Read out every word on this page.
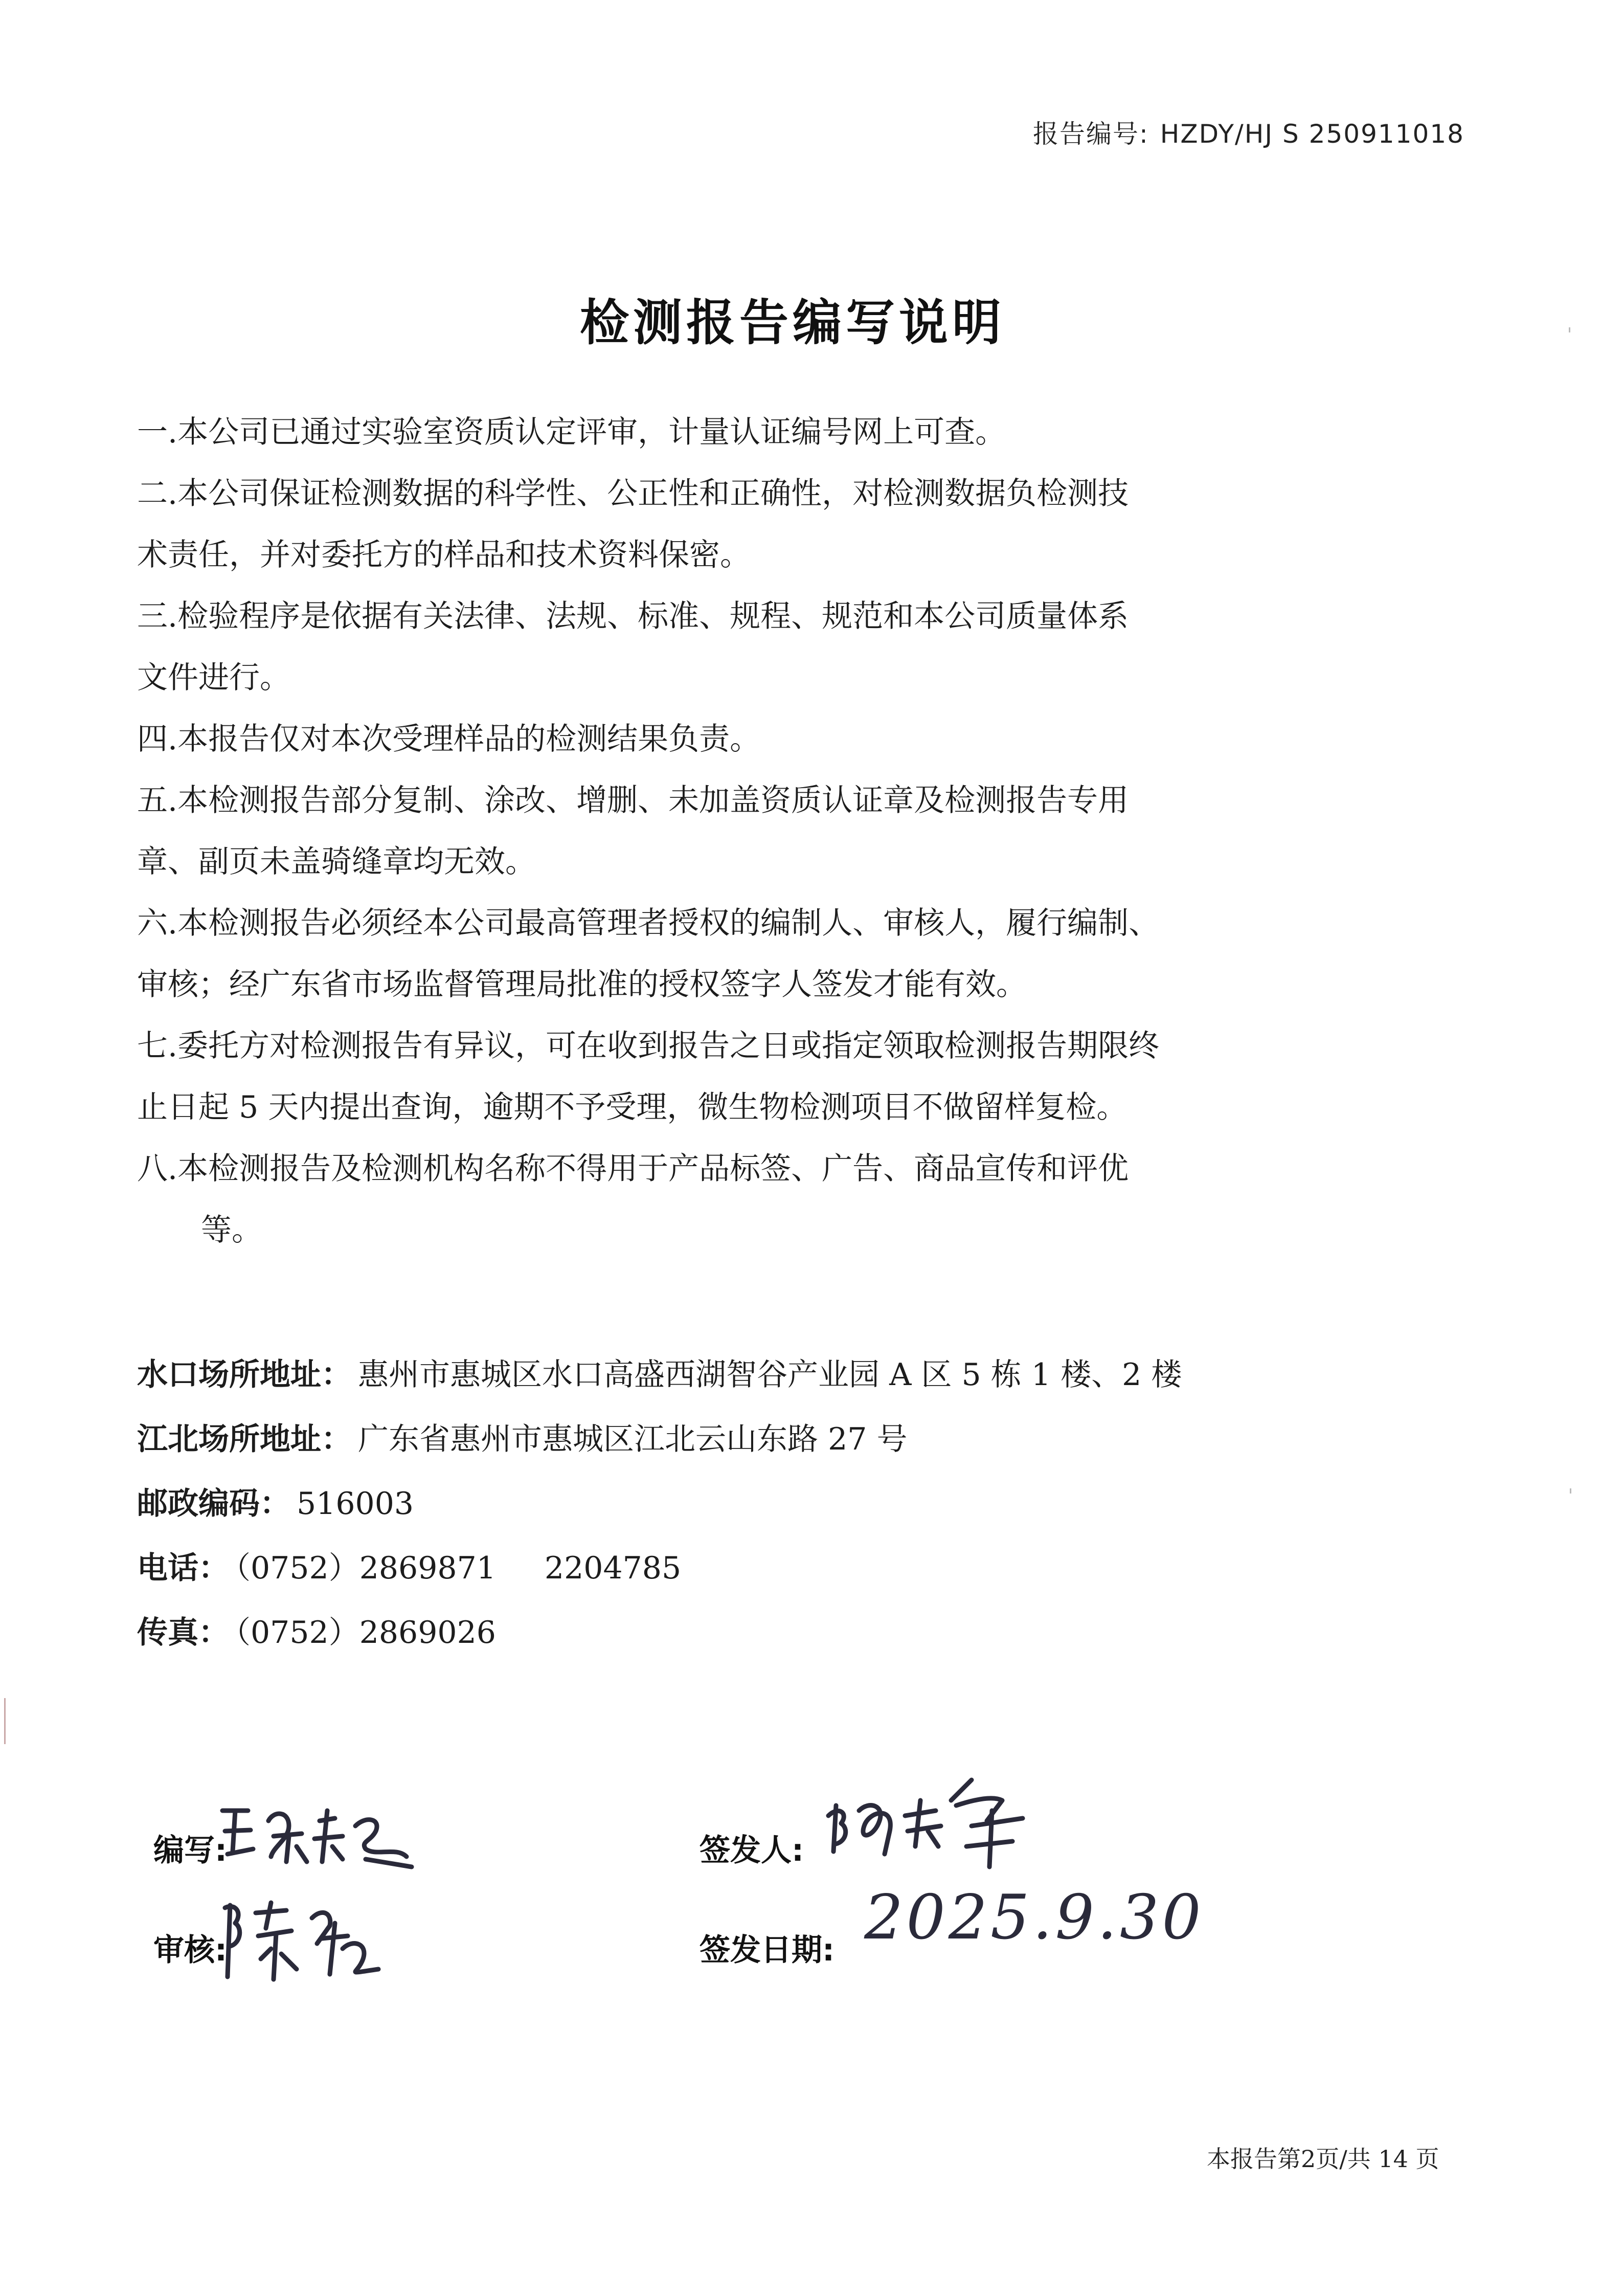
报告编号: HZDY/HJ S 250911018
检测报告编写说明
一.本公司已通过实验室资质认定评审，计量认证编号网上可查。
二.本公司保证检测数据的科学性、公正性和正确性，对检测数据负检测技
术责任，并对委托方的样品和技术资料保密。
三.检验程序是依据有关法律、法规、标准、规程、规范和本公司质量体系
文件进行。
四.本报告仅对本次受理样品的检测结果负责。
五.本检测报告部分复制、涂改、增删、未加盖资质认证章及检测报告专用
章、副页未盖骑缝章均无效。
六.本检测报告必须经本公司最高管理者授权的编制人、审核人，履行编制、
审核；经广东省市场监督管理局批准的授权签字人签发才能有效。
七.委托方对检测报告有异议，可在收到报告之日或指定领取检测报告期限终
止日起 5 天内提出查询，逾期不予受理，微生物检测项目不做留样复检。
八.本检测报告及检测机构名称不得用于产品标签、广告、商品宣传和评优
等。
水口场所地址： 惠州市惠城区水口高盛西湖智谷产业园 A 区 5 栋 1 楼、2 楼
江北场所地址： 广东省惠州市惠城区江北云山东路 27 号
邮政编码： 516003
电话： （0752）2869871 2204785
传真： （0752）2869026
编写:
审核:
签发人:
签发日期: 2025.9.30
本报告第2页/共 14 页
